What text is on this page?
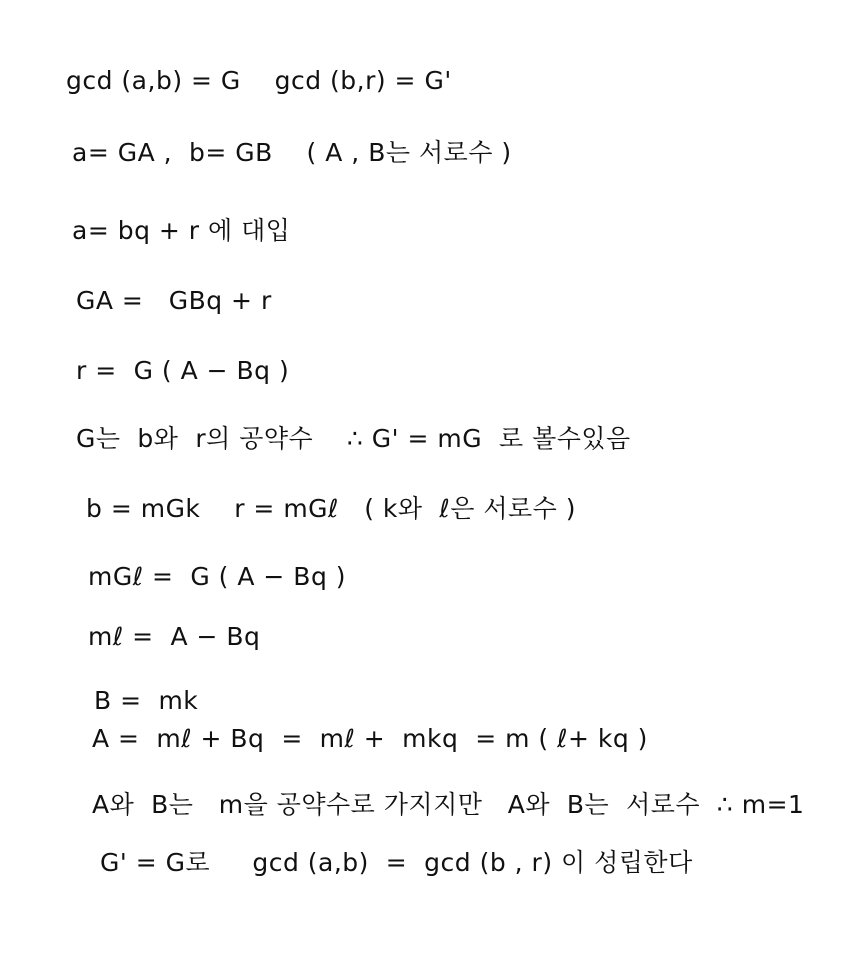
gcd (a,b) = G    gcd (b,r) = G'
a= GA ,  b= GB    ( A , B는 서로수 )
a= bq + r 에 대입
GA =   GBq + r
r =  G ( A − Bq )
G는  b와  r의 공약수    ∴ G' = mG  로 볼수있음
b = mGk    r = mGℓ   ( k와  ℓ은 서로수 )
mGℓ =  G ( A − Bq )
mℓ =  A − Bq
B =  mk
A =  mℓ + Bq  =  mℓ +  mkq  = m ( ℓ+ kq )
A와  B는   m을 공약수로 가지지만   A와  B는  서로수  ∴ m=1
G' = G로     gcd (a,b)  =  gcd (b , r) 이 성립한다
